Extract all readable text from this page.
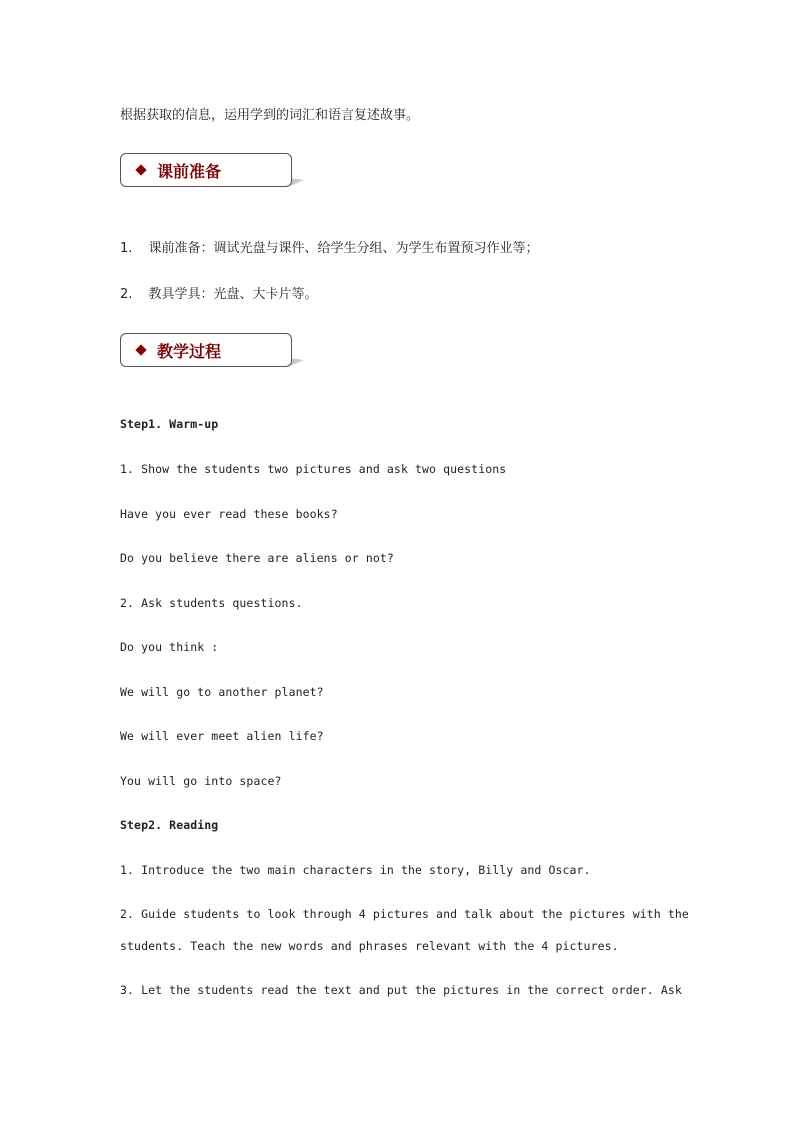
根据获取的信息，运用学到的词汇和语言复述故事。
课前准备
1. 课前准备：调试光盘与课件、给学生分组、为学生布置预习作业等；
2. 教具学具：光盘、大卡片等。
教学过程
Step1. Warm-up
1. Show the students two pictures and ask two questions
Have you ever read these books?
Do you believe there are aliens or not?
2. Ask students questions.
Do you think :
We will go to another planet?
We will ever meet alien life?
You will go into space?
Step2. Reading
1. Introduce the two main characters in the story, Billy and Oscar.
2. Guide students to look through 4 pictures and talk about the pictures with the
students. Teach the new words and phrases relevant with the 4 pictures.
3. Let the students read the text and put the pictures in the correct order. Ask
